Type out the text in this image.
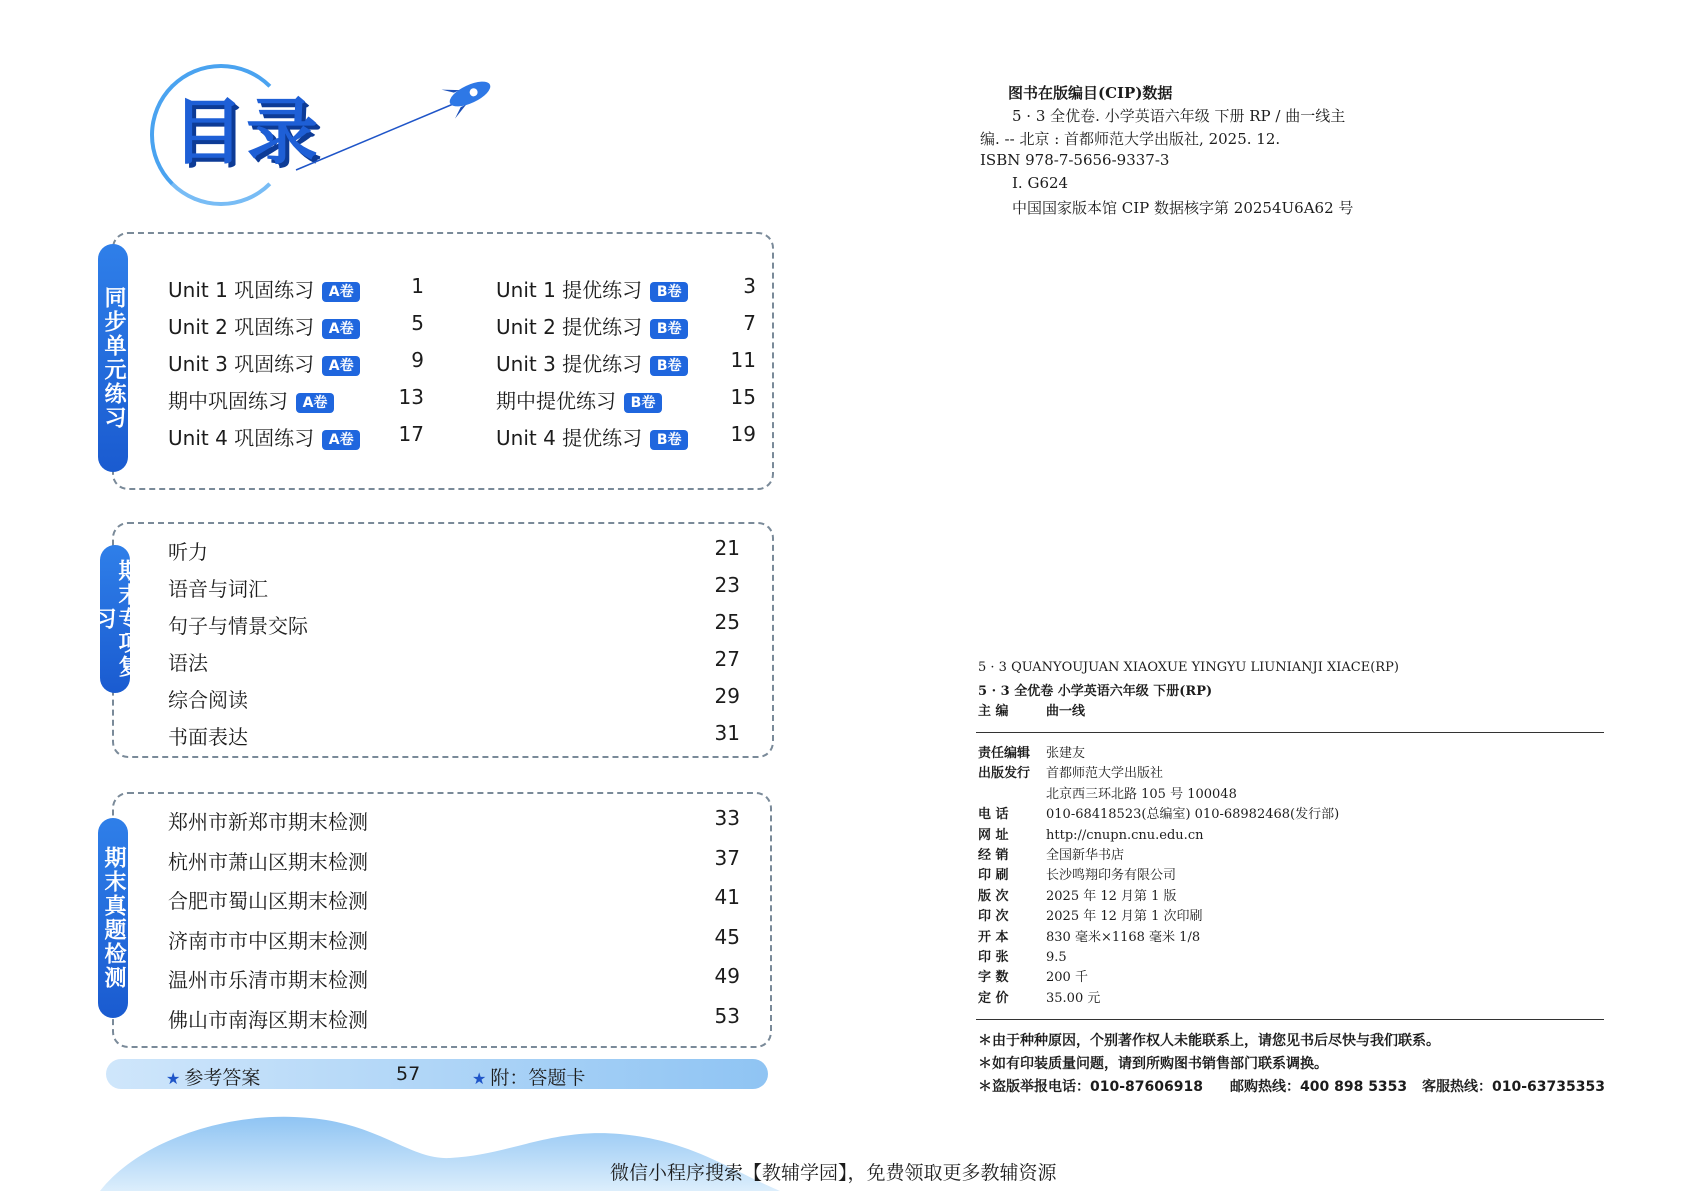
目录
同步单元练习 Unit 1 巩固练习 A卷	1
Unit 2 巩固练习 A卷	5
Unit 3 巩固练习 A卷	9
期中巩固练习 A卷	13
Unit 4 巩固练习 A卷	17
Unit 1 提优练习 B卷	3
Unit 2 提优练习 B卷	7
Unit 3 提优练习 B卷	11
期中提优练习 B卷	15
Unit 4 提优练习 B卷	19
期末专项复习
听力	21
语音与词汇	23
句子与情景交际	25
语法	27
综合阅读	29
书面表达	31
期末真题检测
郑州市新郑市期末检测	33
杭州市萧山区期末检测	37
合肥市蜀山区期末检测	41
济南市市中区期末检测	45
温州市乐清市期末检测	49
佛山市南海区期末检测	53
★ 参考答案	57	★ 附：答题卡
图书在版编目(CIP)数据
5 · 3 全优卷. 小学英语六年级 下册 RP / 曲一线主
编. -- 北京 : 首都师范大学出版社, 2025. 12.
ISBN 978-7-5656-9337-3
Ⅰ. G624
中国国家版本馆 CIP 数据核字第 20254U6A62 号
5 · 3 QUANYOUJUAN XIAOXUE YINGYU LIUNIANJI XIACE(RP)
5 · 3 全优卷 小学英语六年级 下册(RP)
主 编	曲一线
责任编辑 张建友
出版发行 首都师范大学出版社
北京西三环北路 105 号 100048
电 话	010-68418523(总编室) 010-68982468(发行部)
网 址	http://cnupn.cnu.edu.cn
经 销	全国新华书店
印 刷	长沙鸣翔印务有限公司
版 次	2025 年 12 月第 1 版
印 次	2025 年 12 月第 1 次印刷
开 本	830 毫米×1168 毫米 1/8
印 张	9.5
字 数	200 千
定 价	35.00 元
＊由于种种原因，个别著作权人未能联系上，请您见书后尽快与我们联系。
＊如有印装质量问题，请到所购图书销售部门联系调换。
＊盗版举报电话：010-87606918 邮购热线：400 898 5353 客服热线：010-63735353
微信小程序搜索【教辅学园】，免费领取更多教辅资源
